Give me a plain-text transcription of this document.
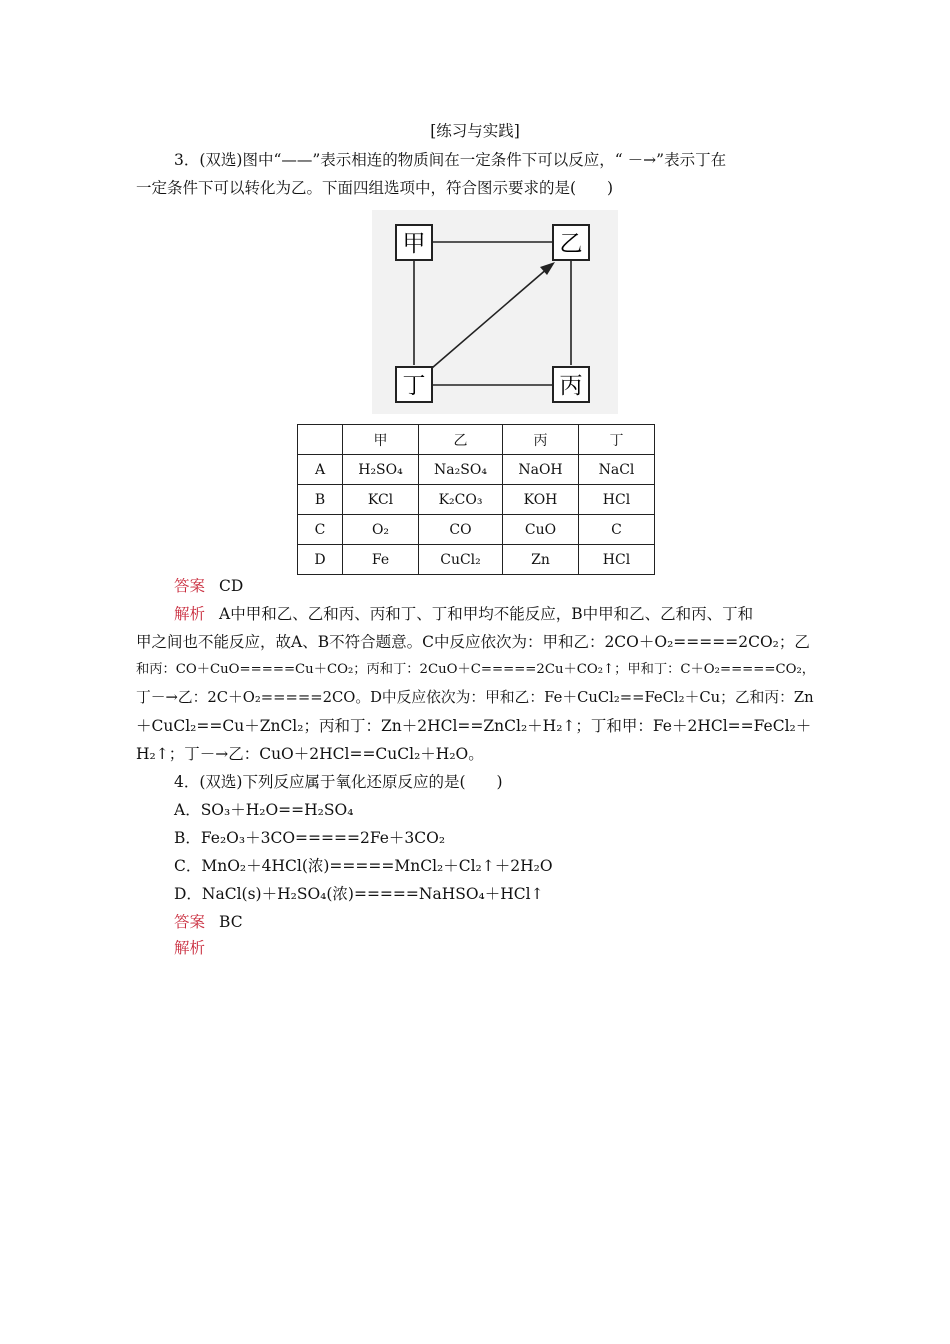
[练习与实践]
3．(双选)图中“——”表示相连的物质间在一定条件下可以反应，“ －→”表示丁在
一定条件下可以转化为乙。下面四组选项中，符合图示要求的是(　　)
甲	乙
丁	丙
	甲	乙	丙	丁
A	H₂SO₄	Na₂SO₄	NaOH	NaCl
B	KCl	K₂CO₃	KOH	HCl
C	O₂	CO	CuO	C
D	Fe	CuCl₂	Zn	HCl
答案 CD
解析 A中甲和乙、乙和丙、丙和丁、丁和甲均不能反应，B中甲和乙、乙和丙、丁和
甲之间也不能反应，故A、B不符合题意。C中反应依次为：甲和乙：2CO＋O₂=====2CO₂；乙
和丙：CO＋CuO=====Cu＋CO₂；丙和丁：2CuO＋C=====2Cu＋CO₂↑；甲和丁：C＋O₂=====CO₂，
丁－→乙：2C＋O₂=====2CO。D中反应依次为：甲和乙：Fe＋CuCl₂==FeCl₂＋Cu；乙和丙：Zn
＋CuCl₂==Cu＋ZnCl₂；丙和丁：Zn＋2HCl==ZnCl₂＋H₂↑；丁和甲：Fe＋2HCl==FeCl₂＋
H₂↑；丁－→乙：CuO＋2HCl==CuCl₂＋H₂O。
4．(双选)下列反应属于氧化还原反应的是(　　)
A．SO₃＋H₂O==H₂SO₄
B．Fe₂O₃＋3CO=====2Fe＋3CO₂
C．MnO₂＋4HCl(浓)=====MnCl₂＋Cl₂↑＋2H₂O
D．NaCl(s)＋H₂SO₄(浓)=====NaHSO₄＋HCl↑
答案 BC
解析
